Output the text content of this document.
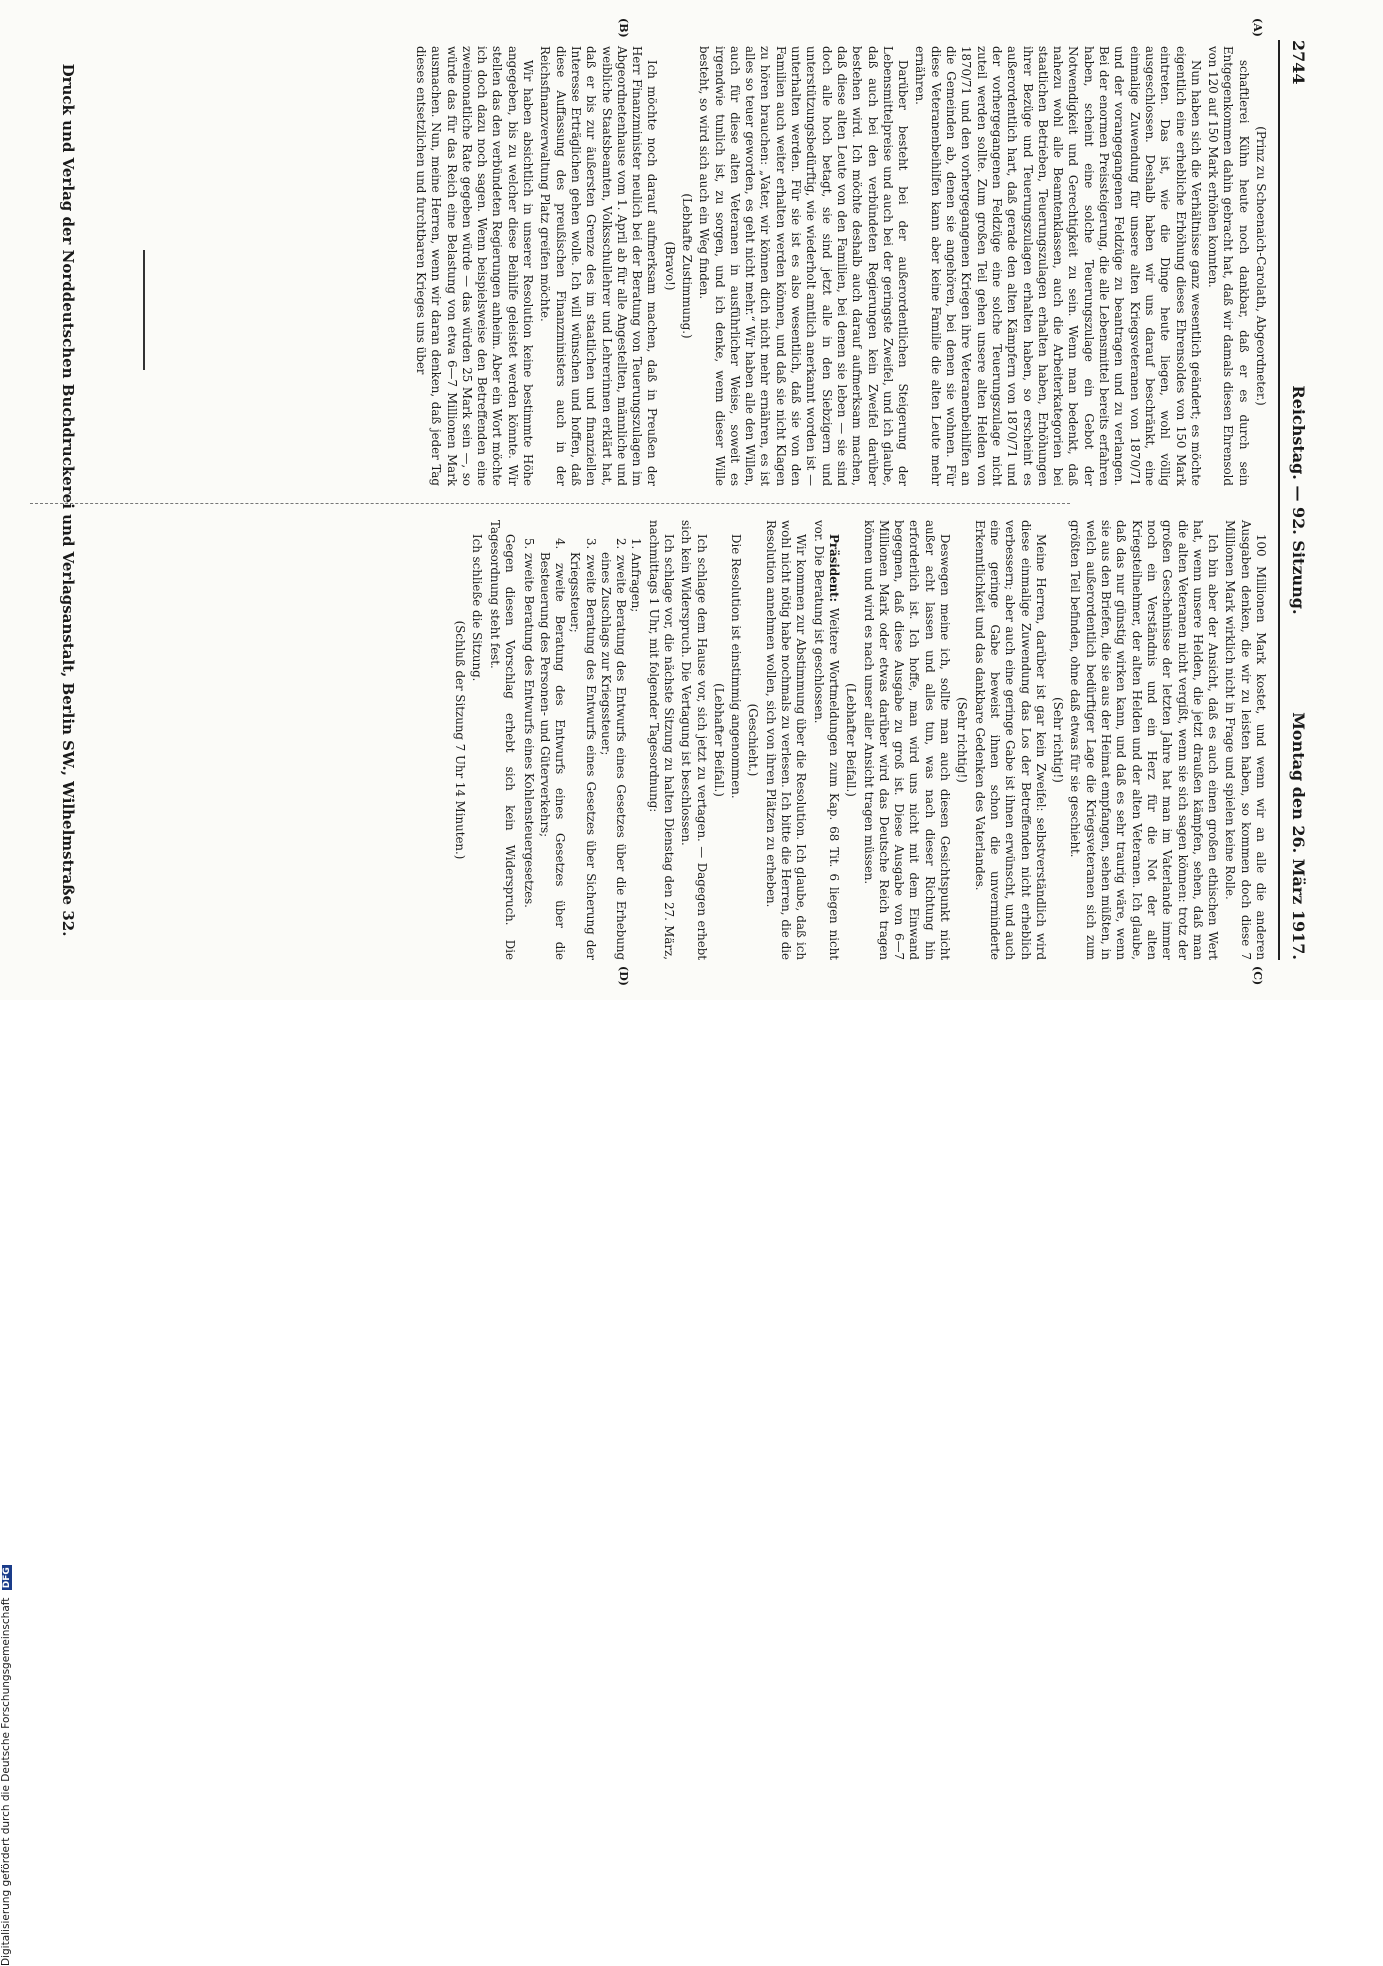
2744
Reichstag. — 92. Sitzung.
Montag den 26. März 1917.
(A)
(B)
(C)
(D)

(Prinz zu Schoenaich-Carolath, Abgeordneter.)

schaftlerei Kühn heute noch dankbar, daß er es durch sein Entgegenkommen dahin gebracht hat, daß wir damals diesen Ehrensold von 120 auf 150 Mark erhöhen konnten.

Nun haben sich die Verhältnisse ganz wesentlich geändert; es möchte eigentlich eine erhebliche Erhöhung dieses Ehrensoldes von 150 Mark eintreten. Das ist, wie die Dinge heute liegen, wohl völlig ausgeschlossen. Deshalb haben wir uns darauf beschränkt, eine einmalige Zuwendung für unsere alten Kriegsveteranen von 1870/71 und der vorangegangenen Feldzüge zu beantragen und zu verlangen. Bei der enormen Preissteigerung, die alle Lebensmittel bereits erfahren haben, scheint eine solche Teuerungszulage ein Gebot der Notwendigkeit und Gerechtigkeit zu sein. Wenn man bedenkt, daß nahezu wohl alle Beamtenklassen, auch die Arbeiterkategorien bei staatlichen Betrieben, Teuerungszulagen erhalten haben, Erhöhungen ihrer Bezüge und Teuerungszulagen erhalten haben, so erscheint es außerordentlich hart, daß gerade den alten Kämpfern von 1870/71 und der vorhergegangenen Feldzüge eine solche Teuerungszulage nicht zuteil werden sollte. Zum großen Teil gehen unsere alten Helden von 1870/71 und den vorhergegangenen Kriegen ihre Veteranenbeihilfen an die Gemeinden ab, denen sie angehören, bei denen sie wohnen. Für diese Veteranenbeihilfen kann aber keine Familie die alten Leute mehr ernähren.

Darüber besteht bei der außerordentlichen Steigerung der Lebensmittelpreise und auch bei der geringste Zweifel, und ich glaube, daß auch bei den verbündeten Regierungen kein Zweifel darüber bestehen wird. Ich möchte deshalb auch darauf aufmerksam machen, daß diese alten Leute von den Familien, bei denen sie leben — sie sind doch alle hoch betagt, sie sind jetzt alle in den Siebzigern und unterstützungsbedürftig, wie wiederholt amtlich anerkannt worden ist — unterhalten werden. Für sie ist es also wesentlich, daß sie von den Familien auch weiter erhalten werden können, und daß sie nicht Klagen zu hören brauchen: „Vater, wir können dich nicht mehr ernähren, es ist alles so teuer geworden, es geht nicht mehr.“ Wir haben alle den Willen, auch für diese alten Veteranen in ausführlicher Weise, soweit es irgendwie tunlich ist, zu sorgen, und ich denke, wenn dieser Wille besteht, so wird sich auch ein Weg finden.

(Lebhafte Zustimmung.)

(Bravo!)

Ich möchte noch darauf aufmerksam machen, daß in Preußen der Herr Finanzminister neulich bei der Beratung von Teuerungszulagen im Abgeordnetenhause vom 1. April ab für alle Angestellten, männliche und weibliche Staatsbeamten, Volksschullehrer und Lehrerinnen erklärt hat, daß er bis zur äußersten Grenze des im staatlichen und finanziellen Interesse Erträglichen gehen wolle. Ich will wünschen und hoffen, daß diese Auffassung des preußischen Finanzministers auch in der Reichsfinanzverwaltung Platz greifen möchte.

Wir haben absichtlich in unserer Resolution keine bestimmte Höhe angegeben, bis zu welcher diese Beihilfe geleistet werden könnte. Wir stellen das den verbündeten Regierungen anheim. Aber ein Wort möchte ich doch dazu noch sagen. Wenn beispielsweise den Betreffenden eine zweimonatliche Rate gegeben würde — das würden 25 Mark sein —, so würde das für das Reich eine Belastung von etwa 6—7 Millionen Mark ausmachen. Nun, meine Herren, wenn wir daran denken, daß jeder Tag dieses entsetzlichen und furchtbaren Krieges uns über

100 Millionen Mark kostet, und wenn wir an alle die anderen Ausgaben denken, die wir zu leisten haben, so kommen doch diese 7 Millionen Mark wirklich nicht in Frage und spielen keine Rolle.

Ich bin aber der Ansicht, daß es auch einen großen ethischen Wert hat, wenn unsere Helden, die jetzt draußen kämpfen, sehen, daß man die alten Veteranen nicht vergißt, wenn sie sich sagen können: trotz der großen Geschehnisse der letzten Jahre hat man im Vaterlande immer noch ein Verständnis und ein Herz für die Not der alten Kriegsteilnehmer, der alten Helden und der alten Veteranen. Ich glaube, daß das nur günstig wirken kann, und daß es sehr traurig wäre, wenn sie aus den Briefen, die sie aus der Heimat empfangen, sehen müßten, in welch außerordentlich bedürftiger Lage die Kriegsveteranen sich zum größten Teil befinden, ohne daß etwas für sie geschieht.

(Sehr richtig!)

Meine Herren, darüber ist gar kein Zweifel: selbstverständlich wird diese einmalige Zuwendung das Los der Betreffenden nicht erheblich verbessern; aber auch eine geringe Gabe ist ihnen erwünscht, und auch eine geringe Gabe beweist ihnen schon die unverminderte Erkenntlichkeit und das dankbare Gedenken des Vaterlandes.

(Sehr richtig!)

Deswegen meine ich, sollte man auch diesen Gesichtspunkt nicht außer acht lassen und alles tun, was nach dieser Richtung hin erforderlich ist. Ich hoffe, man wird uns nicht mit dem Einwand begegnen, daß diese Ausgabe zu groß ist. Diese Ausgabe von 6—7 Millionen Mark oder etwas darüber wird das Deutsche Reich tragen können und wird es nach unser aller Ansicht tragen müssen.

(Lebhafter Beifall.)

Präsident: Weitere Wortmeldungen zum Kap. 68 Tit. 6 liegen nicht vor. Die Beratung ist geschlossen.

Wir kommen zur Abstimmung über die Resolution. Ich glaube, daß ich wohl nicht nötig habe nochmals zu verlesen. Ich bitte die Herren, die die Resolution annehmen wollen, sich von ihren Plätzen zu erheben.

(Geschieht.)

Die Resolution ist einstimmig angenommen.

(Lebhafter Beifall.)

Ich schlage dem Hause vor, sich jetzt zu vertagen. — Dagegen erhebt sich kein Widerspruch. Die Vertagung ist beschlossen.

Ich schlage vor, die nächste Sitzung zu halten Dienstag den 27. März, nachmittags 1 Uhr, mit folgender Tagesordnung:

1. Anfragen;
2. zweite Beratung des Entwurfs eines Gesetzes über die Erhebung eines Zuschlags zur Kriegssteuer;
3. zweite Beratung des Entwurfs eines Gesetzes über Sicherung der Kriegssteuer;
4. zweite Beratung des Entwurfs eines Gesetzes über die Besteuerung des Personen- und Güterverkehrs;
5. zweite Beratung des Entwurfs eines Kohlensteuergesetzes.

Gegen diesen Vorschlag erhebt sich kein Widerspruch. Die Tagesordnung steht fest.

Ich schließe die Sitzung.

(Schluß der Sitzung 7 Uhr 14 Minuten.)

Druck und Verlag der Norddeutschen Buchdruckerei und Verlagsanstalt, Berlin SW., Wilhelmstraße 32.
Digitalisierung gefördert durch die Deutsche Forschungsgemeinschaft DFG
